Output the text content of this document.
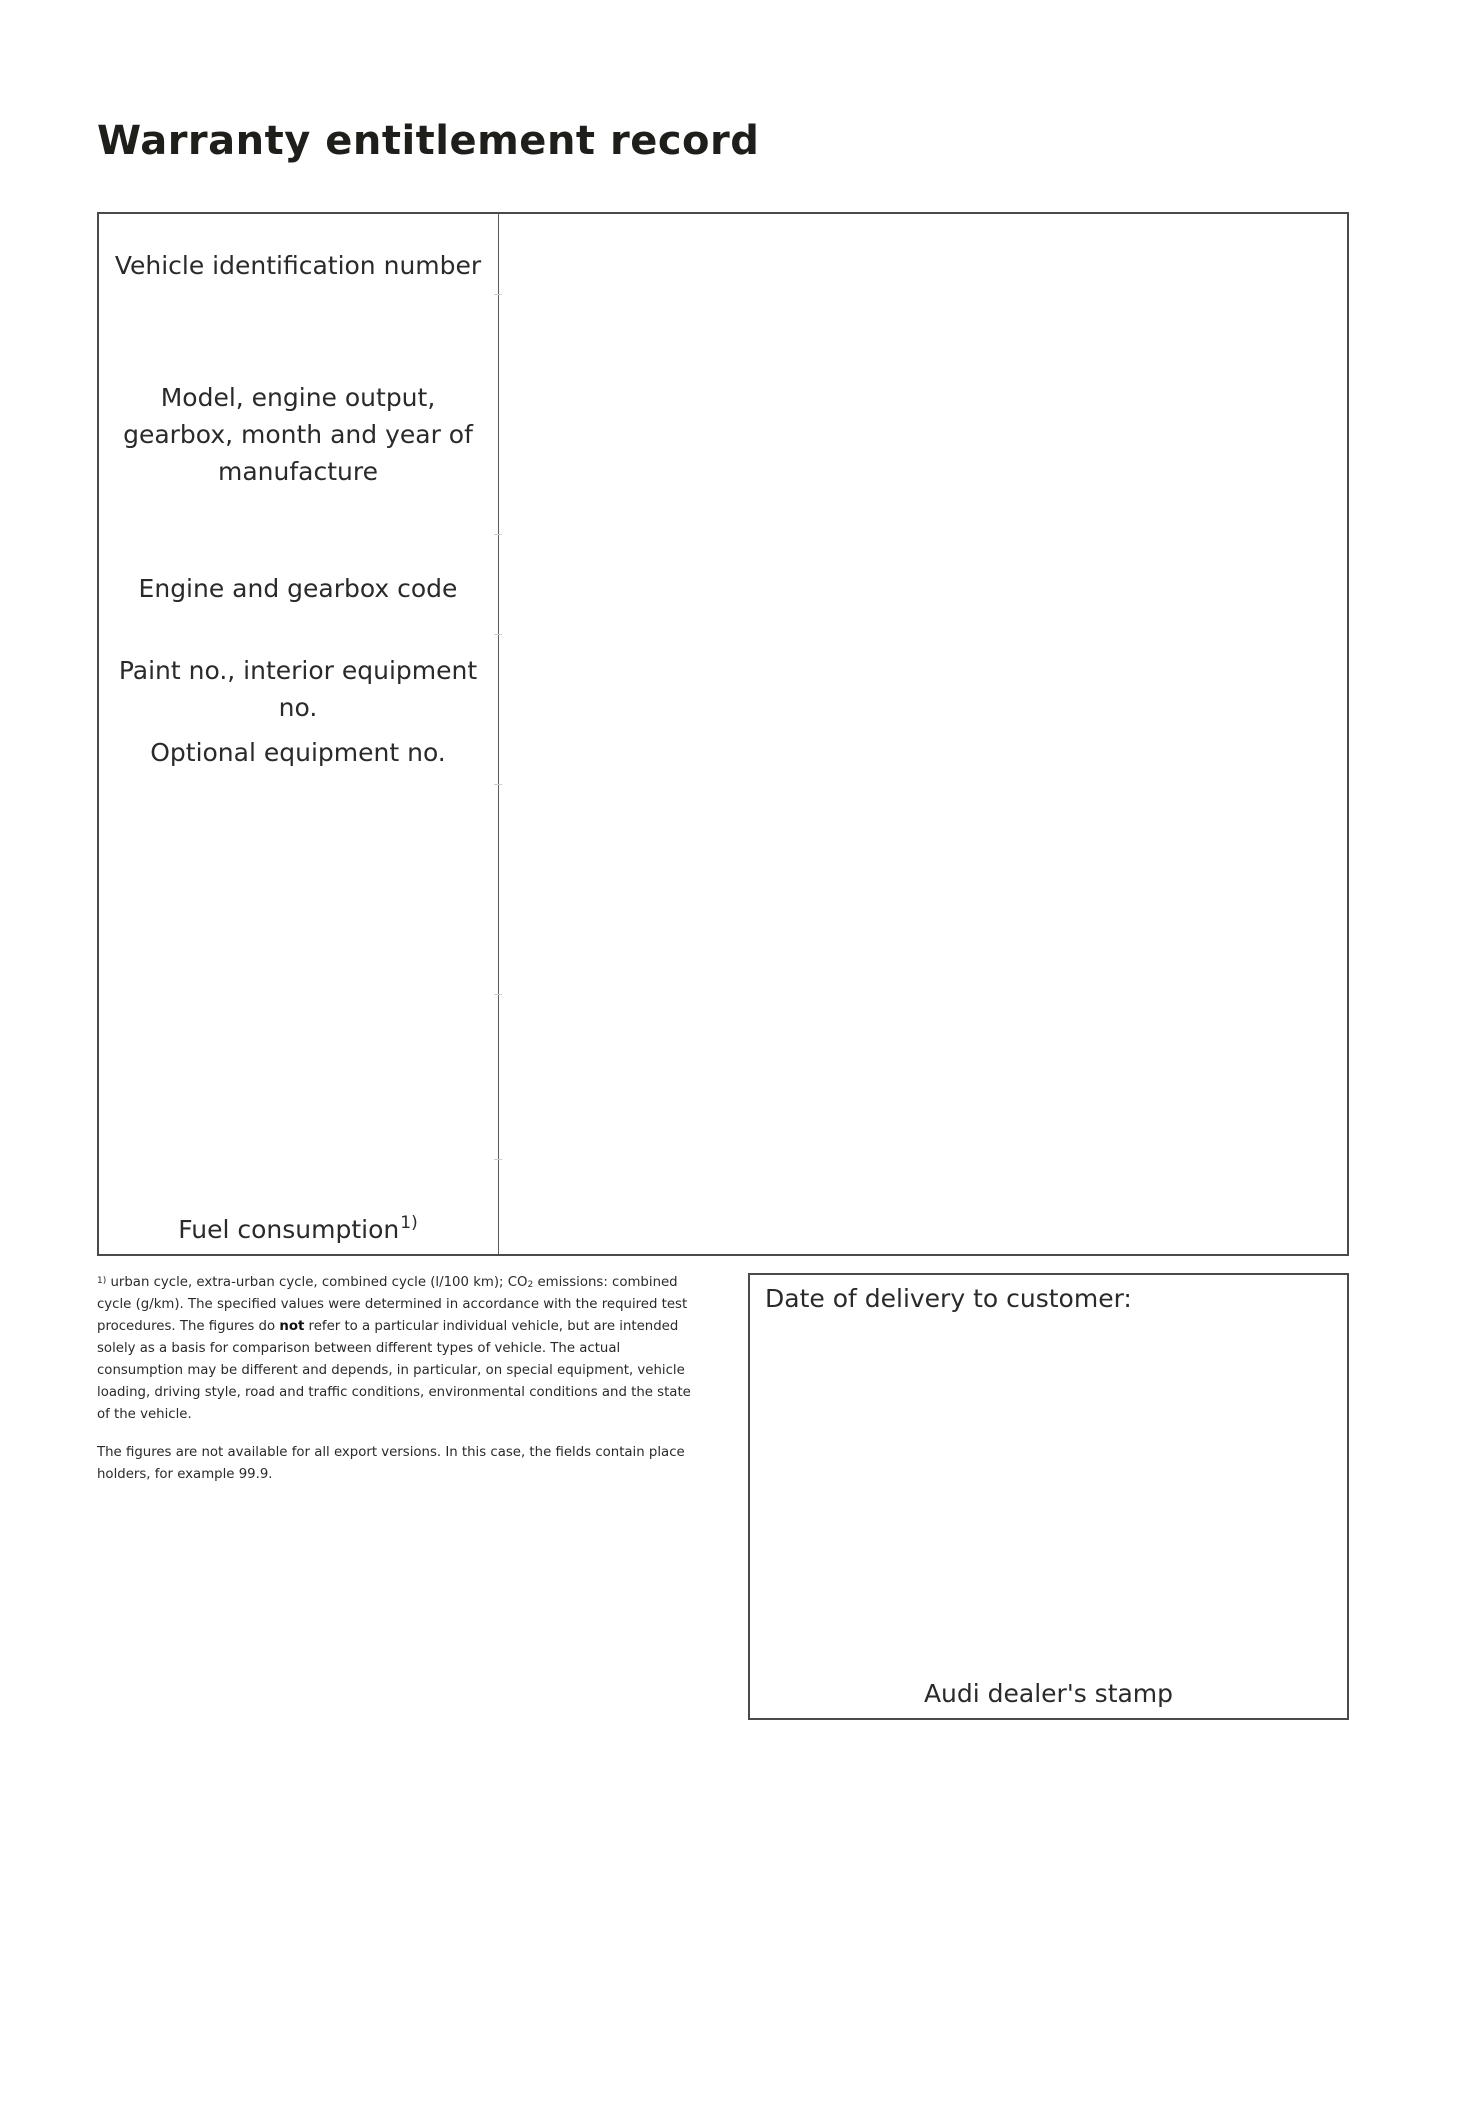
Warranty entitlement record
Vehicle identification number
Model, engine output, gearbox, month and year of manufacture
Engine and gearbox code
Paint no., interior equipment no.
Optional equipment no.
Fuel consumption$^{1)}$

$^{1)}$ urban cycle, extra-urban cycle, combined cycle (l/100 km); $CO_2$ emissions: combined cycle (g/km). The specified values were determined in accordance with the required test procedures. The figures do not refer to a particular individual vehicle, but are intended solely as a basis for comparison between different types of vehicle. The actual consumption may be different and depends, in particular, on special equipment, vehicle loading, driving style, road and traffic conditions, environmental conditions and the state of the vehicle.

The figures are not available for all export versions. In this case, the fields contain place holders, for example 99.9.

Date of delivery to customer:
Audi dealer's stamp
